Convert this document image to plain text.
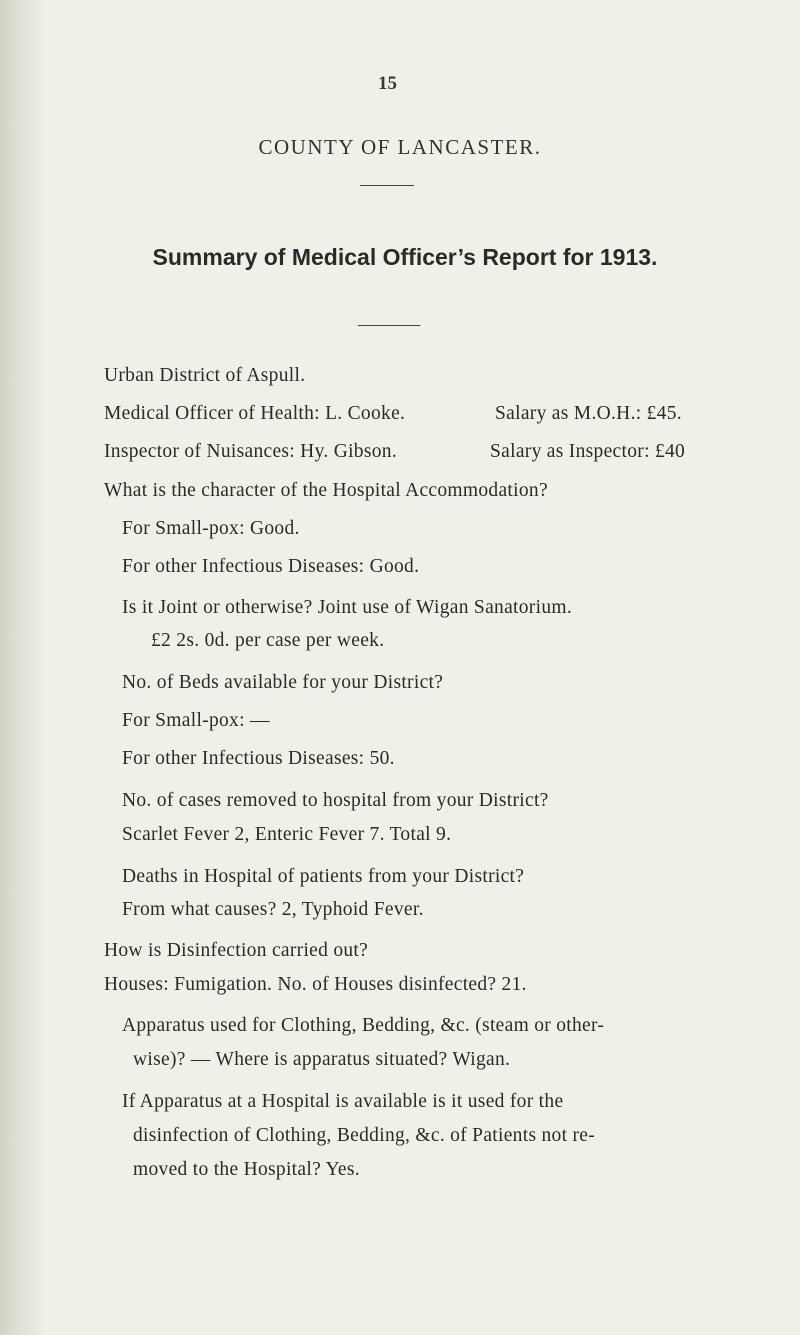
15
COUNTY OF LANCASTER.
Summary of Medical Officer’s Report for 1913.
Urban District of Aspull.
Medical Officer of Health: L. Cooke.	Salary as M.O.H.: £45.
Inspector of Nuisances: Hy. Gibson.	Salary as Inspector: £40
What is the character of the Hospital Accommodation?
For Small-pox: Good.
For other Infectious Diseases: Good.
Is it Joint or otherwise? Joint use of Wigan Sanatorium.
£2 2s. 0d. per case per week.
No. of Beds available for your District?
For Small-pox: —
For other Infectious Diseases: 50.
No. of cases removed to hospital from your District?
Scarlet Fever 2, Enteric Fever 7. Total 9.
Deaths in Hospital of patients from your District?
From what causes? 2, Typhoid Fever.
How is Disinfection carried out?
Houses: Fumigation. No. of Houses disinfected? 21.
Apparatus used for Clothing, Bedding, &c. (steam or other-
wise)? — Where is apparatus situated? Wigan.
If Apparatus at a Hospital is available is it used for the
disinfection of Clothing, Bedding, &c. of Patients not re-
moved to the Hospital? Yes.
